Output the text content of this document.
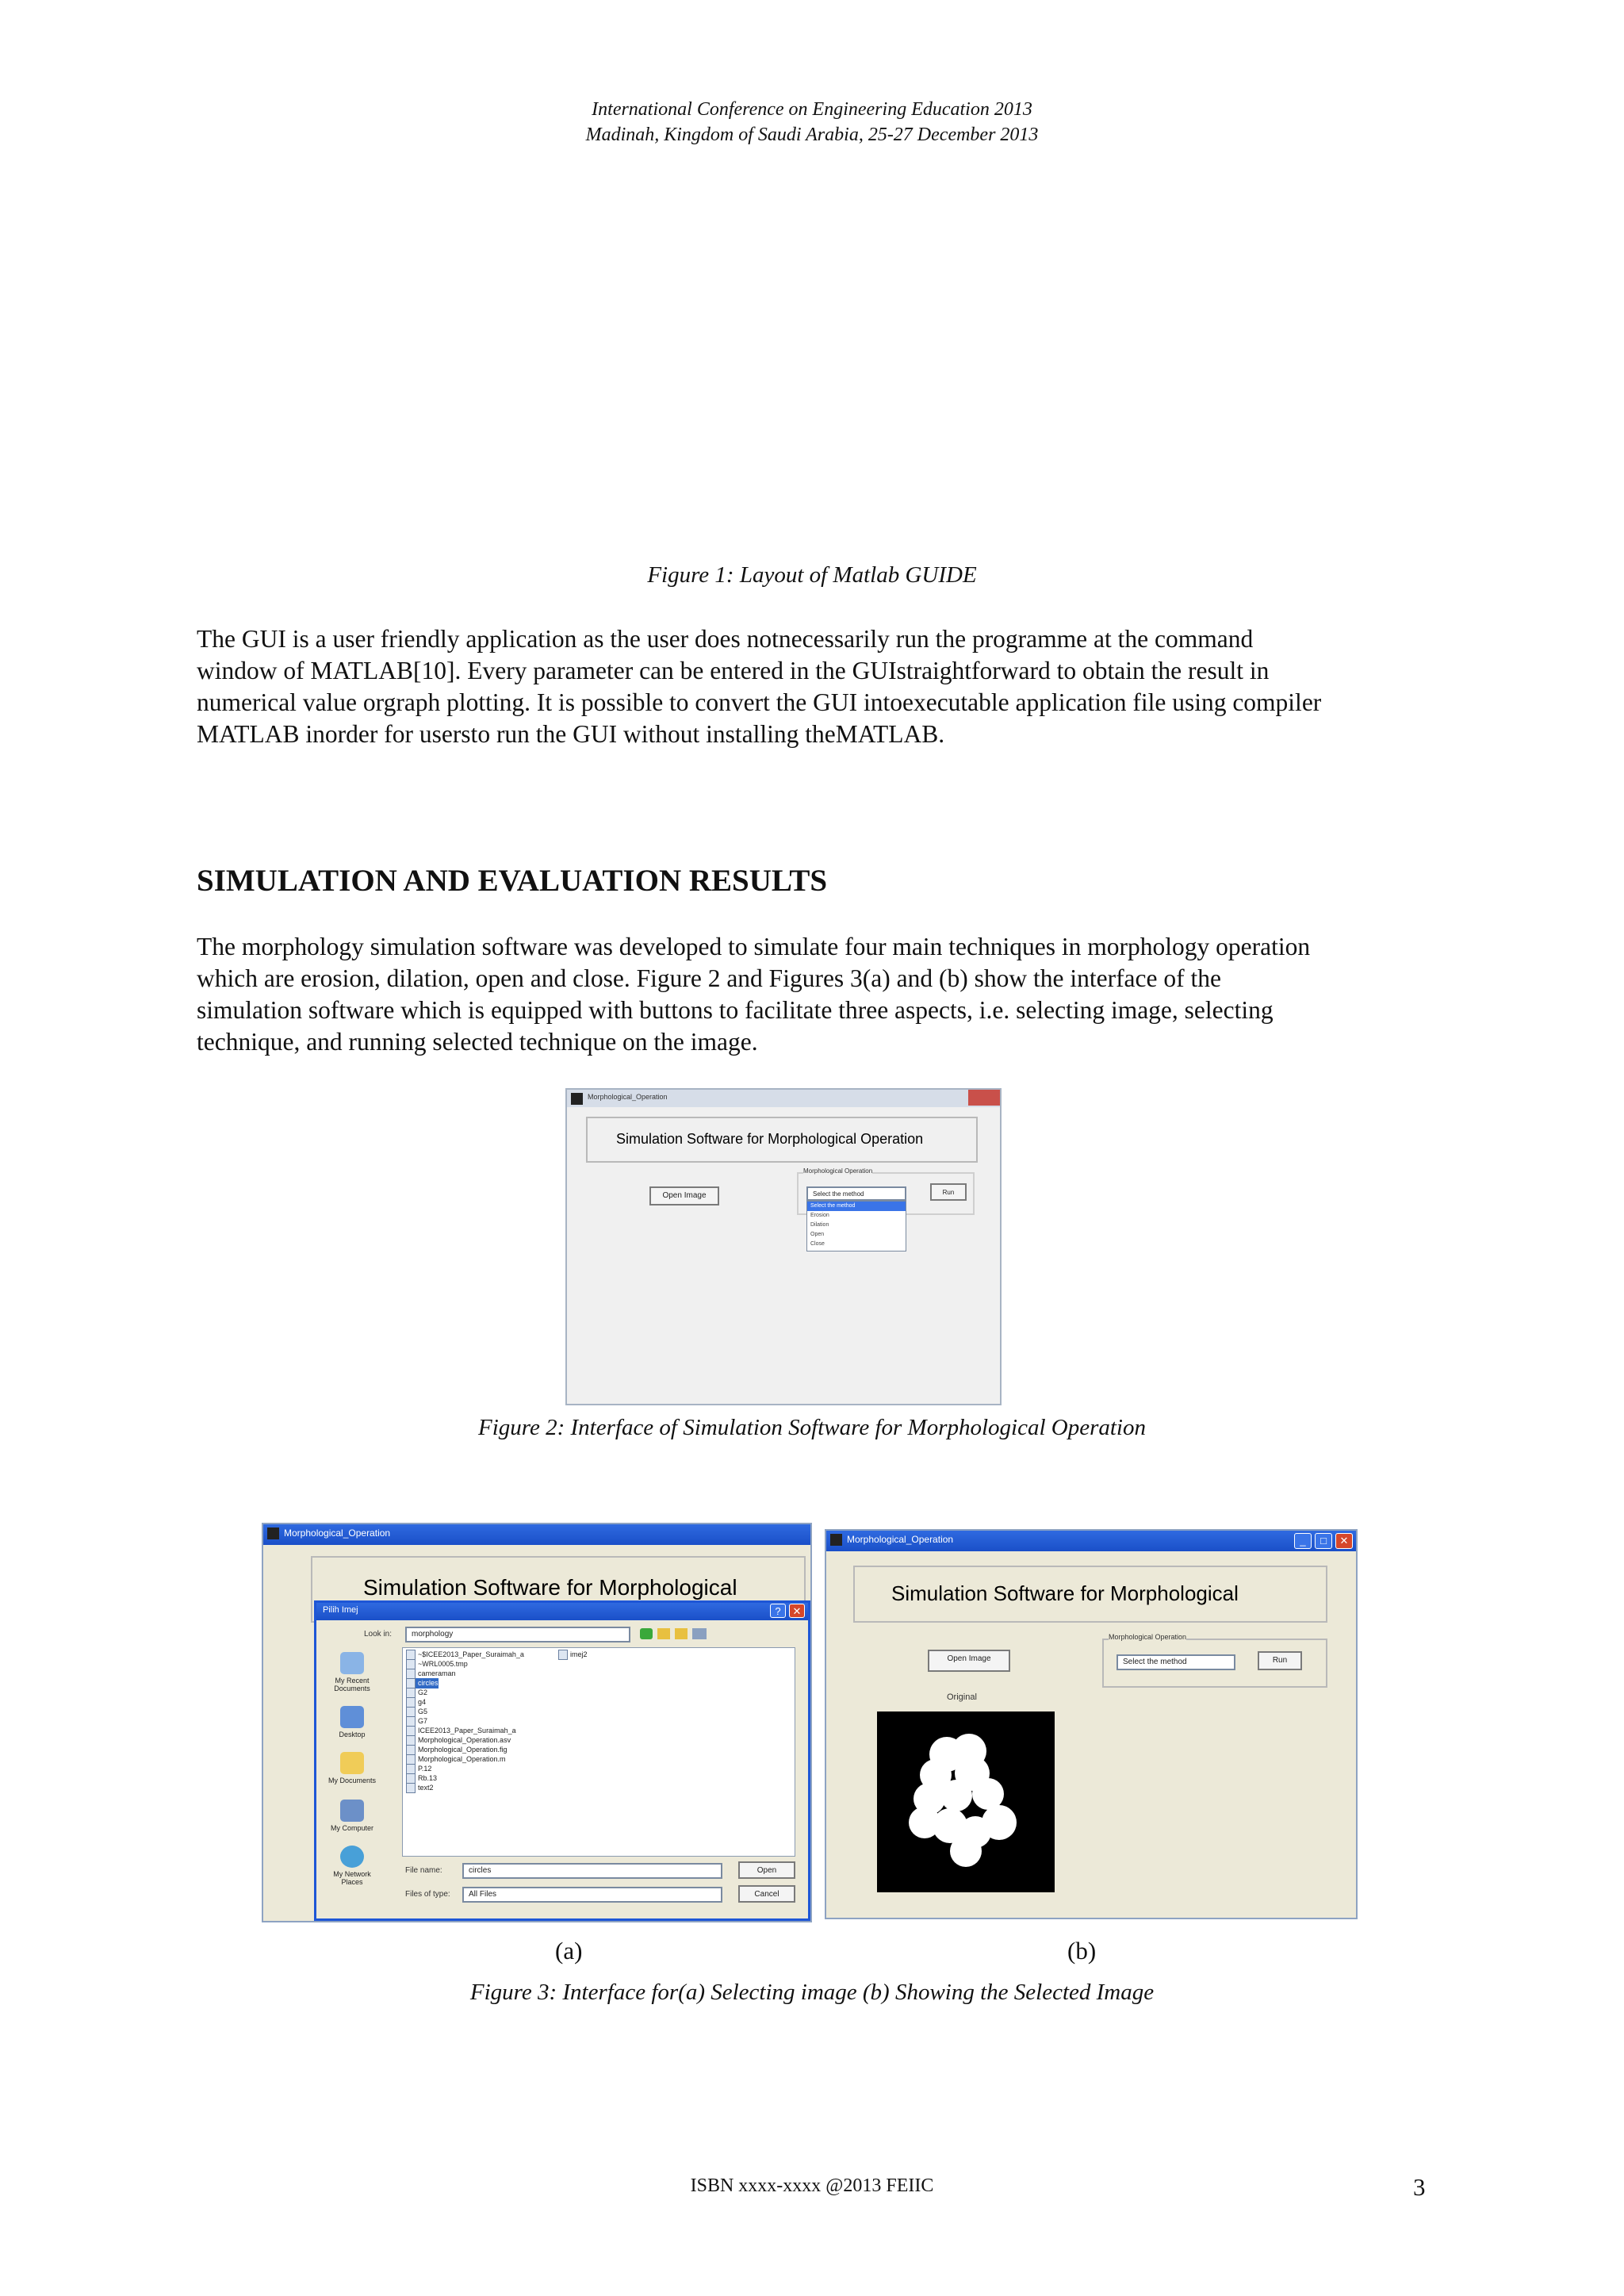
International Conference on Engineering Education 2013
Madinah, Kingdom of Saudi Arabia, 25-27 December 2013
Figure 1: Layout of Matlab GUIDE
The GUI is a user friendly application as the user does notnecessarily run the programme at the command
window of MATLAB[10]. Every parameter can be entered in the GUIstraightforward to obtain the result in
numerical value orgraph plotting. It is possible to convert the GUI intoexecutable application file using compiler
MATLAB inorder for usersto run the GUI without installing theMATLAB.
SIMULATION AND EVALUATION RESULTS
The morphology simulation software was developed to simulate four main techniques in morphology operation
which are erosion, dilation, open and close. Figure 2 and Figures 3(a) and (b) show the interface of the
simulation software which is equipped with buttons to facilitate three aspects, i.e. selecting image, selecting
technique, and running selected technique on the image.
Morphological_Operation
Simulation Software for Morphological Operation
Open Image
Morphological Operation
Select the method	Run
Select the method
Erosion
Dilation
Open
Close
Figure 2: Interface of Simulation Software for Morphological Operation
Morphological_Operation
Simulation Software for Morphological
Pilih Imej	?	✕
Look in:	morphology
My Recent Documents
Desktop
My Documents
My Computer
My Network Places
~$ICEE2013_Paper_Suraimah_a
~WRL0005.tmp
cameraman
circles
G2
g4
G5
G7
ICEE2013_Paper_Suraimah_a
Morphological_Operation.asv
Morphological_Operation.fig
Morphological_Operation.m
P.12
Rb.13
text2
imej2
File name:	circles	Open
Files of type:	All Files	Cancel
Morphological_Operation	_	□	✕
Simulation Software for Morphological
Open Image
Morphological Operation
Select the method	Run
Original
(a)	(b)
Figure 3: Interface for(a) Selecting image (b) Showing the Selected Image
ISBN xxxx-xxxx @2013 FEIIC	3
